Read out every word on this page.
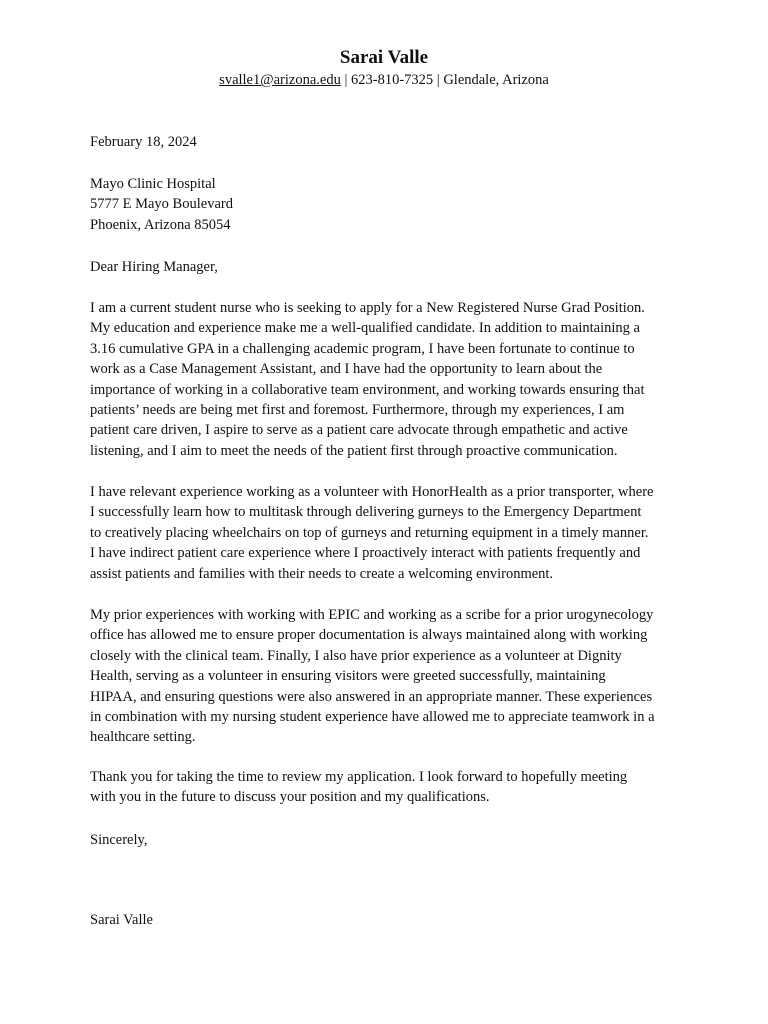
Sarai Valle
svalle1@arizona.edu | 623-810-7325 | Glendale, Arizona
February 18, 2024
Mayo Clinic Hospital
5777 E Mayo Boulevard
Phoenix, Arizona 85054
Dear Hiring Manager,
I am a current student nurse who is seeking to apply for a New Registered Nurse Grad Position.
My education and experience make me a well-qualified candidate. In addition to maintaining a
3.16 cumulative GPA in a challenging academic program, I have been fortunate to continue to
work as a Case Management Assistant, and I have had the opportunity to learn about the
importance of working in a collaborative team environment, and working towards ensuring that
patients’ needs are being met first and foremost. Furthermore, through my experiences, I am
patient care driven, I aspire to serve as a patient care advocate through empathetic and active
listening, and I aim to meet the needs of the patient first through proactive communication.
I have relevant experience working as a volunteer with HonorHealth as a prior transporter, where
I successfully learn how to multitask through delivering gurneys to the Emergency Department
to creatively placing wheelchairs on top of gurneys and returning equipment in a timely manner.
I have indirect patient care experience where I proactively interact with patients frequently and
assist patients and families with their needs to create a welcoming environment.
My prior experiences with working with EPIC and working as a scribe for a prior urogynecology
office has allowed me to ensure proper documentation is always maintained along with working
closely with the clinical team. Finally, I also have prior experience as a volunteer at Dignity
Health, serving as a volunteer in ensuring visitors were greeted successfully, maintaining
HIPAA, and ensuring questions were also answered in an appropriate manner. These experiences
in combination with my nursing student experience have allowed me to appreciate teamwork in a
healthcare setting.
Thank you for taking the time to review my application. I look forward to hopefully meeting
with you in the future to discuss your position and my qualifications.
Sincerely,
Sarai Valle
